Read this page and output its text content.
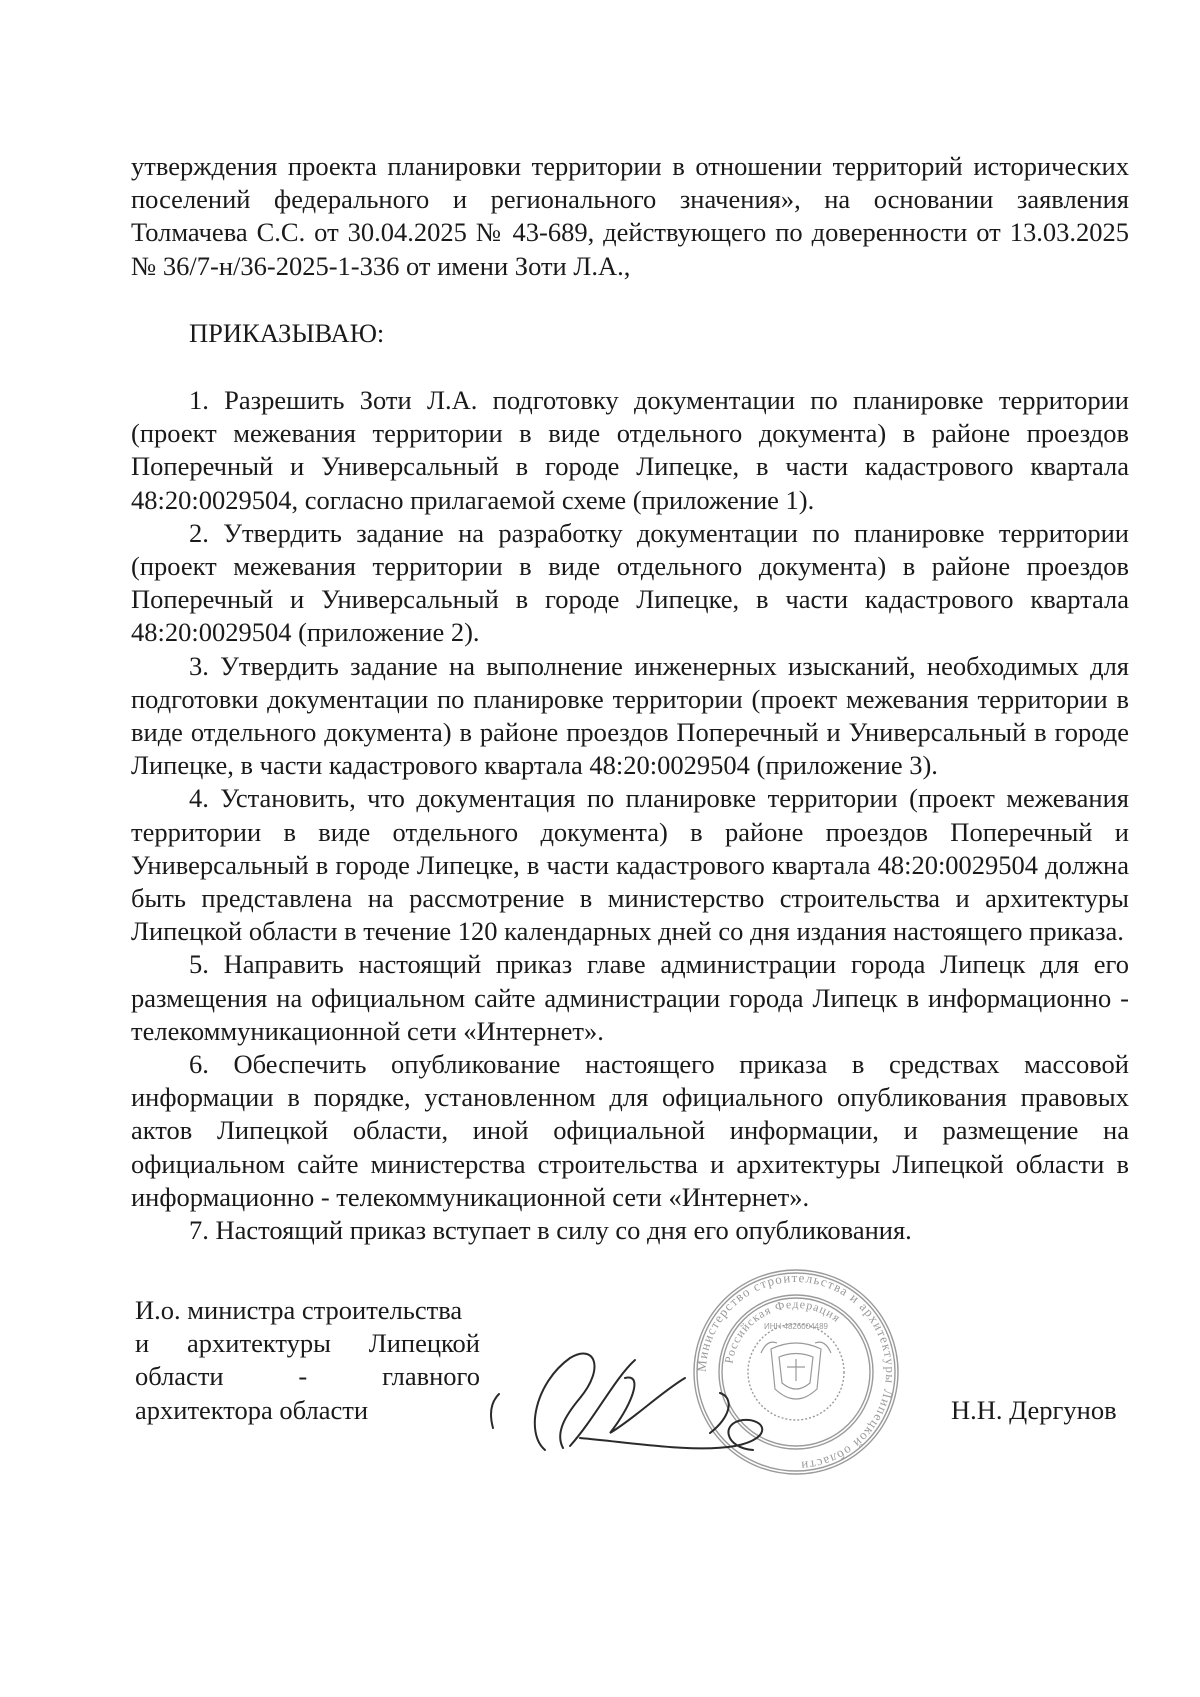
утверждения проекта планировки территории в отношении территорий исторических поселений федерального и регионального значения», на основании заявления Толмачева С.С. от 30.04.2025 № 43-689, действующего по доверенности от 13.03.2025 № 36/7-н/36-2025-1-336 от имени Зоти Л.А.,

ПРИКАЗЫВАЮ:

1. Разрешить Зоти Л.А. подготовку документации по планировке территории (проект межевания территории в виде отдельного документа) в районе проездов Поперечный и Универсальный в городе Липецке, в части кадастрового квартала 48:20:0029504, согласно прилагаемой схеме (приложение 1).

2. Утвердить задание на разработку документации по планировке территории (проект межевания территории в виде отдельного документа) в районе проездов Поперечный и Универсальный в городе Липецке, в части кадастрового квартала 48:20:0029504 (приложение 2).

3. Утвердить задание на выполнение инженерных изысканий, необходимых для подготовки документации по планировке территории (проект межевания территории в виде отдельного документа) в районе проездов Поперечный и Универсальный в городе Липецке, в части кадастрового квартала 48:20:0029504 (приложение 3).

4. Установить, что документация по планировке территории (проект межевания территории в виде отдельного документа) в районе проездов Поперечный и Универсальный в городе Липецке, в части кадастрового квартала 48:20:0029504 должна быть представлена на рассмотрение в министерство строительства и архитектуры Липецкой области в течение 120 календарных дней со дня издания настоящего приказа.

5. Направить настоящий приказ главе администрации города Липецк для его размещения на официальном сайте администрации города Липецк в информационно - телекоммуникационной сети «Интернет».

6. Обеспечить опубликование настоящего приказа в средствах массовой информации в порядке, установленном для официального опубликования правовых актов Липецкой области, иной официальной информации, и размещение на официальном сайте министерства строительства и архитектуры Липецкой области в информационно - телекоммуникационной сети «Интернет».

7. Настоящий приказ вступает в силу со дня его опубликования.

И.о. министра строительства
и архитектуры Липецкой
области - главного
архитектора области
Министерство строительства и архитектуры Липецкой области
Российская Федерация
ИНН 4826004489
Н.Н. Дергунов
